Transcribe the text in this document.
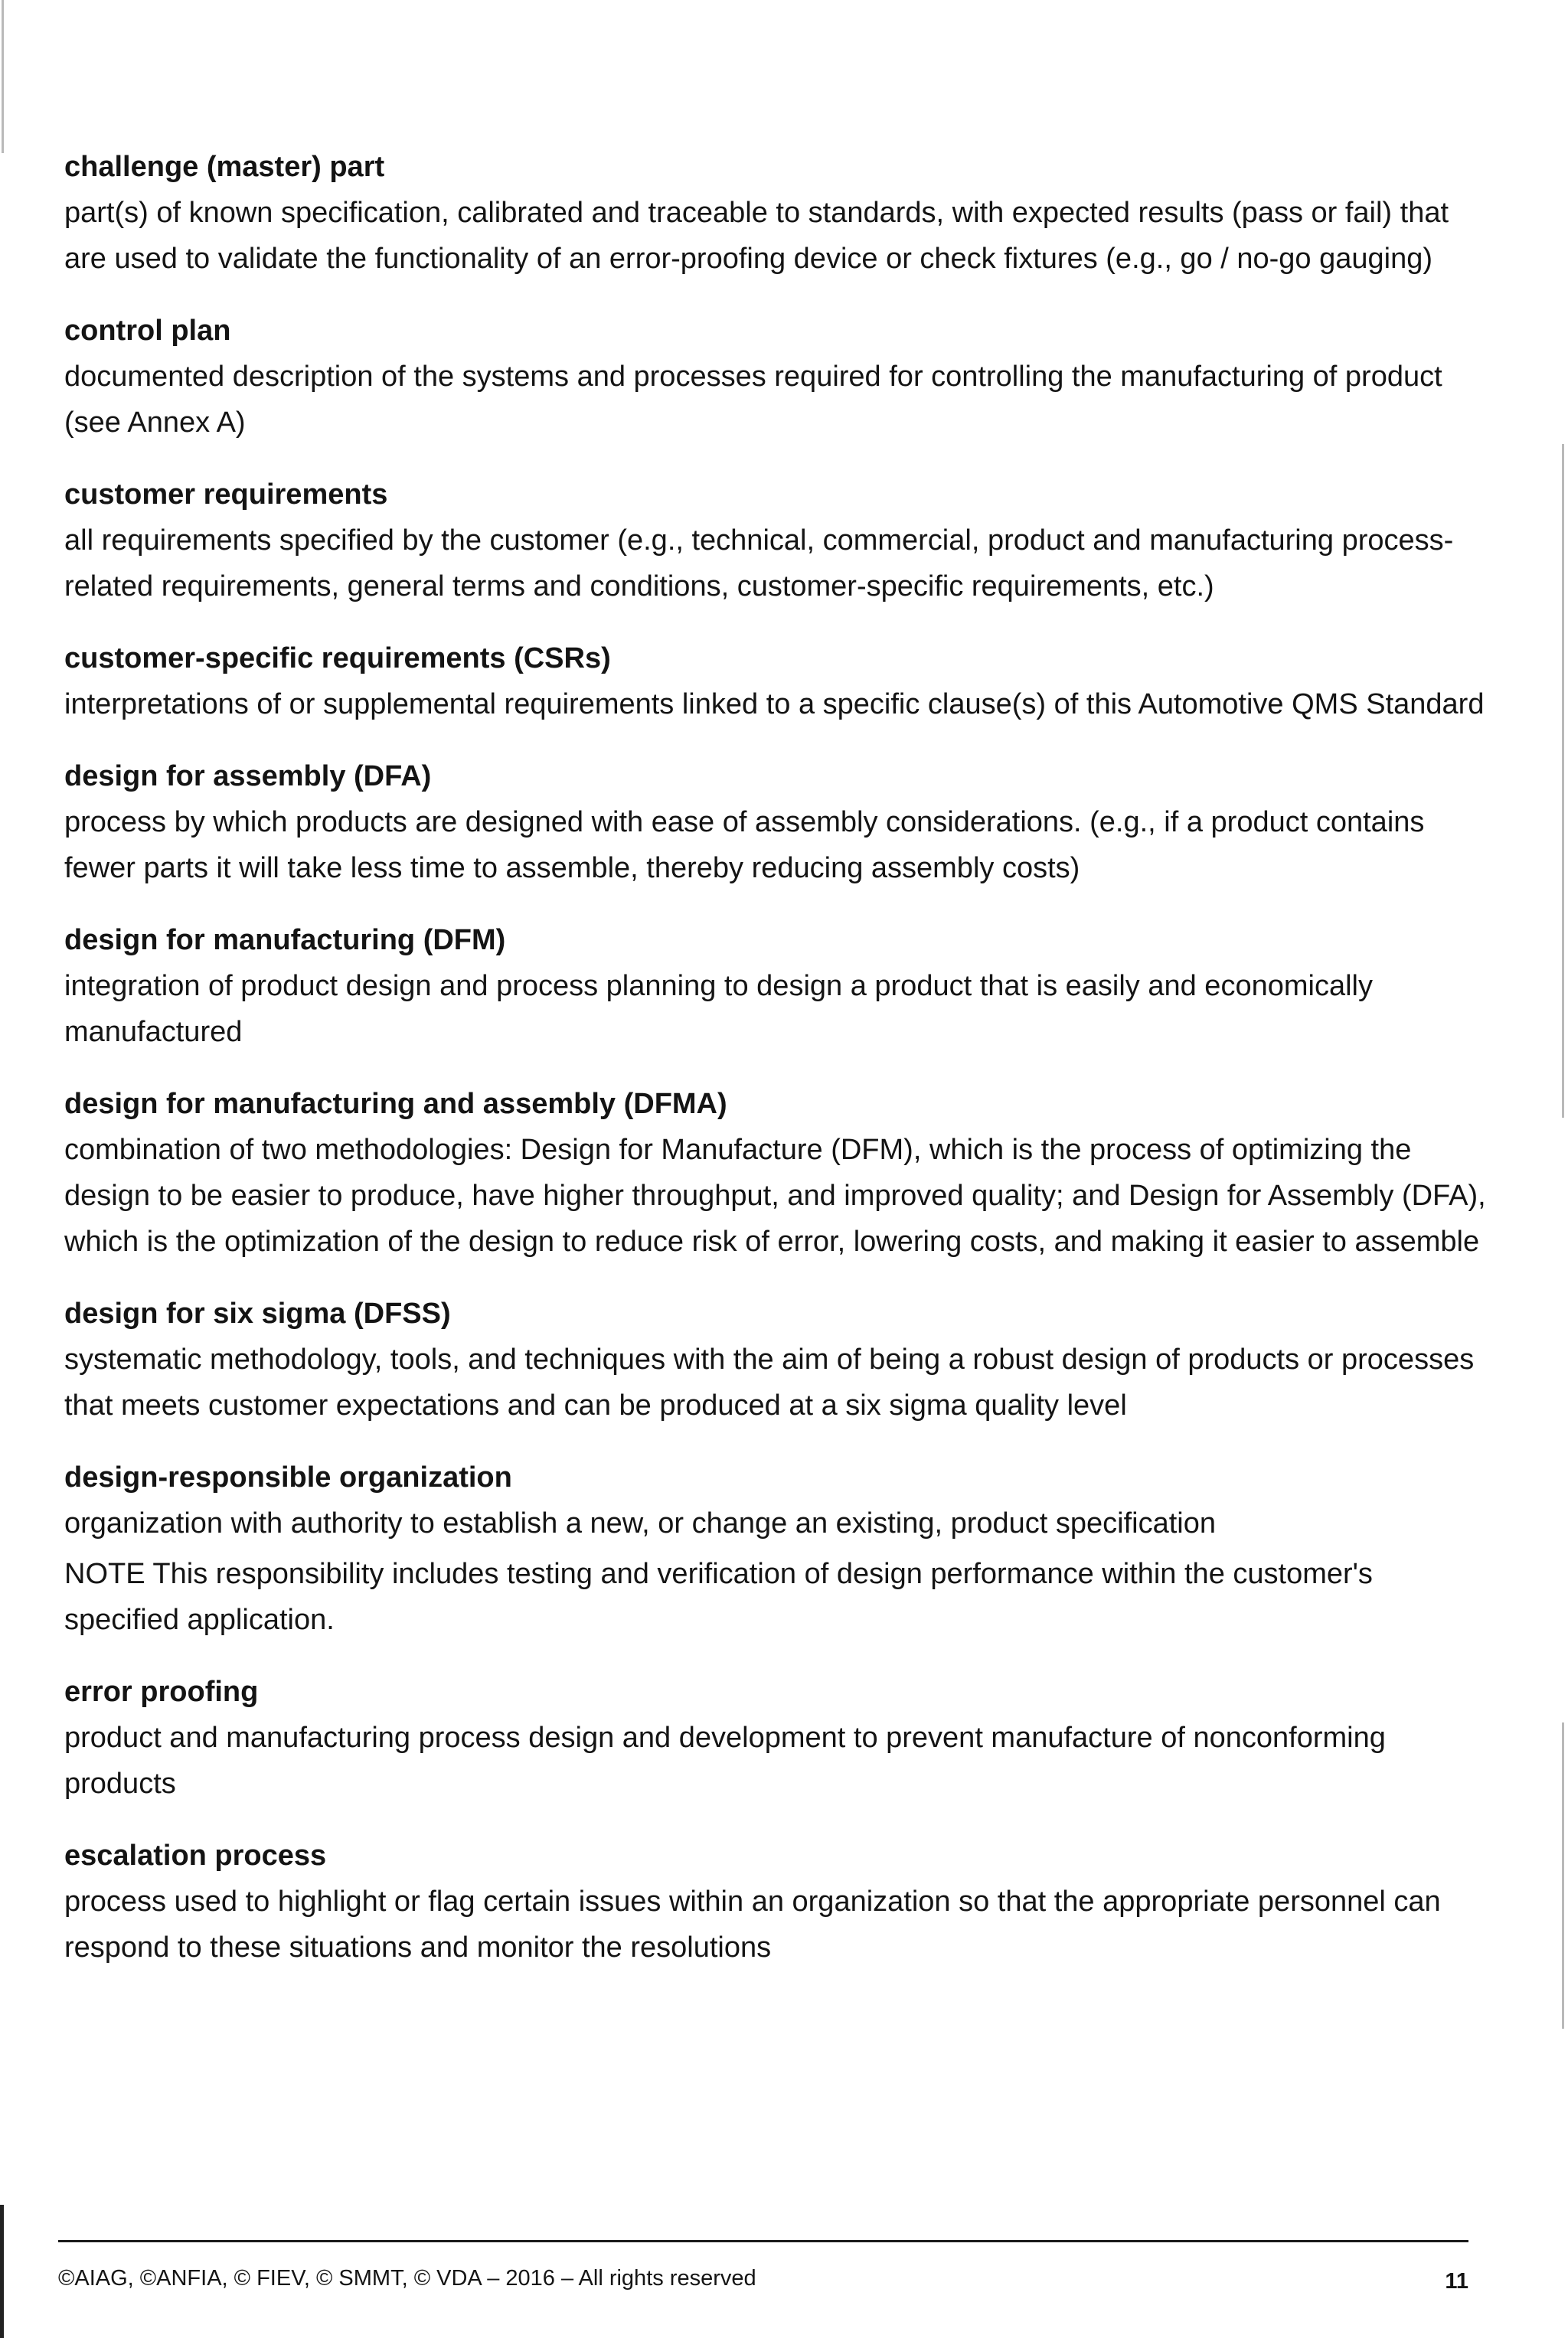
challenge (master) part

part(s) of known specification, calibrated and traceable to standards, with expected results (pass or fail) that are used to validate the functionality of an error-proofing device or check fixtures (e.g., go / no-go gauging)

control plan

documented description of the systems and processes required for controlling the manufacturing of product (see Annex A)

customer requirements

all requirements specified by the customer (e.g., technical, commercial, product and manufacturing process-related requirements, general terms and conditions, customer-specific requirements, etc.)

customer-specific requirements (CSRs)

interpretations of or supplemental requirements linked to a specific clause(s) of this Automotive QMS Standard

design for assembly (DFA)

process by which products are designed with ease of assembly considerations. (e.g., if a product contains fewer parts it will take less time to assemble, thereby reducing assembly costs)

design for manufacturing (DFM)

integration of product design and process planning to design a product that is easily and economically manufactured

design for manufacturing and assembly (DFMA)

combination of two methodologies: Design for Manufacture (DFM), which is the process of optimizing the design to be easier to produce, have higher throughput, and improved quality; and Design for Assembly (DFA), which is the optimization of the design to reduce risk of error, lowering costs, and making it easier to assemble

design for six sigma (DFSS)

systematic methodology, tools, and techniques with the aim of being a robust design of products or processes that meets customer expectations and can be produced at a six sigma quality level

design-responsible organization

organization with authority to establish a new, or change an existing, product specification

NOTE This responsibility includes testing and verification of design performance within the customer's specified application.

error proofing

product and manufacturing process design and development to prevent manufacture of nonconforming products

escalation process

process used to highlight or flag certain issues within an organization so that the appropriate personnel can respond to these situations and monitor the resolutions

©AIAG, ©ANFIA, © FIEV, © SMMT, © VDA – 2016 – All rights reserved	11
